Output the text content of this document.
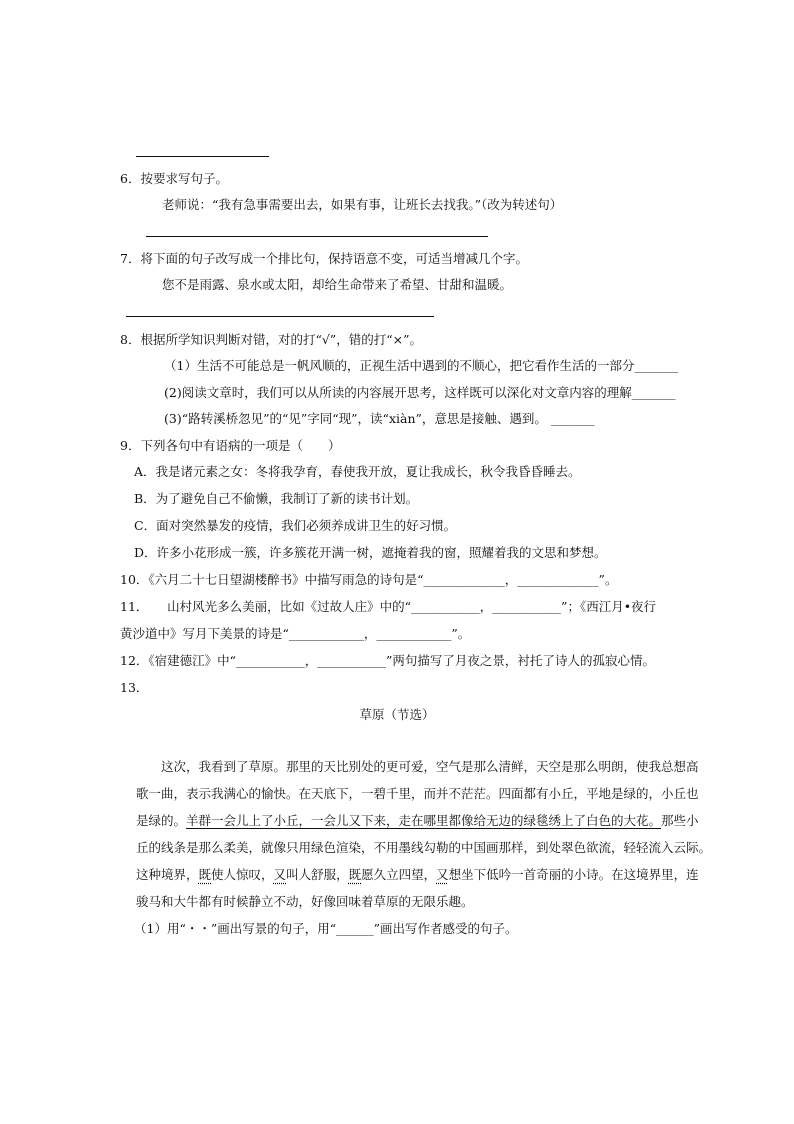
6．按要求写句子。
老师说：“我有急事需要出去，如果有事，让班长去找我。”（改为转述句）
7．将下面的句子改写成一个排比句，保持语意不变，可适当增减几个字。
您不是雨露、泉水或太阳，却给生命带来了希望、甘甜和温暖。
8．根据所学知识判断对错，对的打“√”，错的打“×”。
（1）生活不可能总是一帆风顺的，正视生活中遇到的不顺心，把它看作生活的一部分_______
(2)阅读文章时，我们可以从所读的内容展开思考，这样既可以深化对文章内容的理解_______
(3)“路转溪桥忽见”的“见”字同“现”，读“xiàn”，意思是接触、遇到。 _______
9．下列各句中有语病的一项是（　　）
A．我是诸元素之女：冬将我孕育，春使我开放，夏让我成长，秋令我昏昏睡去。
B．为了避免自己不偷懒，我制订了新的读书计划。
C．面对突然暴发的疫情，我们必须养成讲卫生的好习惯。
D．许多小花形成一簇，许多簇花开满一树，遮掩着我的窗，照耀着我的文思和梦想。
10．《六月二十七日望湖楼醉书》中描写雨急的诗句是“_____________，_____________”。
11．　　山村风光多么美丽，比如《过故人庄》中的“___________，___________”；《西江月•夜行
黄沙道中》写月下美景的诗是“____________，____________”。
12．《宿建德江》中“___________，___________”两句描写了月夜之景，衬托了诗人的孤寂心情。
13．
草原（节选）
　　这次，我看到了草原。那里的天比别处的更可爱，空气是那么清鲜，天空是那么明朗，使我总想高
歌一曲，表示我满心的愉快。在天底下，一碧千里，而并不茫茫。四面都有小丘，平地是绿的，小丘也
是绿的。羊群一会儿上了小丘，一会儿又下来，走在哪里都像给无边的绿毯绣上了白色的大花。那些小
丘的线条是那么柔美，就像只用绿色渲染，不用墨线勾勒的中国画那样，到处翠色欲流，轻轻流入云际。
这种境界，既使人惊叹，又叫人舒服，既愿久立四望，又想坐下低吟一首奇丽的小诗。在这境界里，连
骏马和大牛都有时候静立不动，好像回味着草原的无限乐趣。
（1）用“・・”画出写景的句子，用“______”画出写作者感受的句子。
